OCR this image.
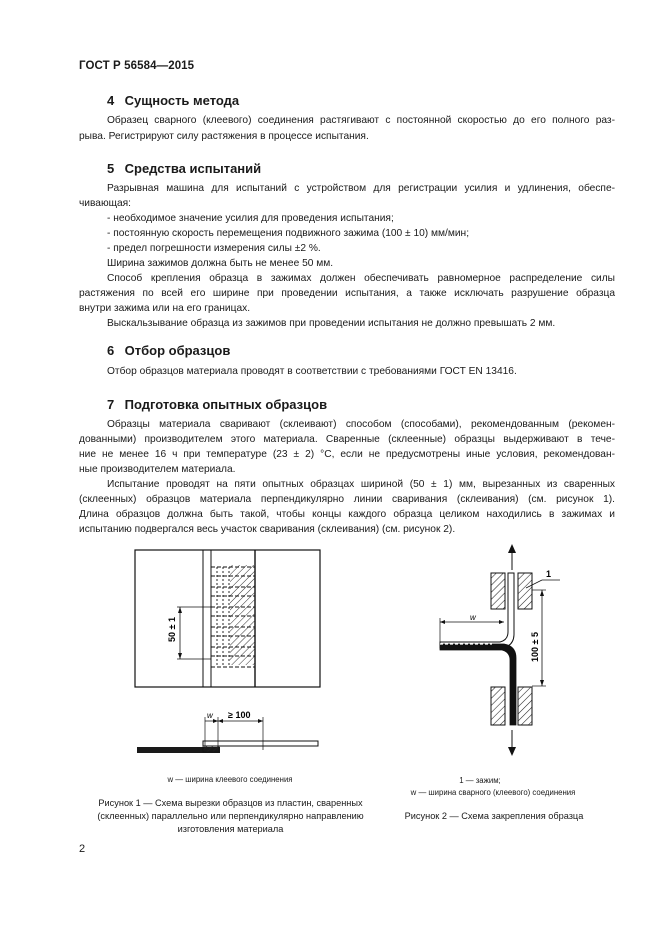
ГОСТ Р 56584—2015
4 Сущность метода
Образец сварного (клеевого) соединения растягивают с постоянной скоростью до его полного раз-
рыва. Регистрируют силу растяжения в процессе испытания.
5 Средства испытаний
Разрывная машина для испытаний с устройством для регистрации усилия и удлинения, обеспе-
чивающая:
- необходимое значение усилия для проведения испытания;
- постоянную скорость перемещения подвижного зажима (100 ± 10) мм/мин;
- предел погрешности измерения силы ±2 %.
Ширина зажимов должна быть не менее 50 мм.
Способ крепления образца в зажимах должен обеспечивать равномерное распределение силы
растяжения по всей его ширине при проведении испытания, а также исключать разрушение образца
внутри зажима или на его границах.
Выскальзывание образца из зажимов при проведении испытания не должно превышать 2 мм.
6 Отбор образцов
Отбор образцов материала проводят в соответствии с требованиями ГОСТ EN 13416.
7 Подготовка опытных образцов
Образцы материала сваривают (склеивают) способом (способами), рекомендованным (рекомен-
дованными) производителем этого материала. Сваренные (склеенные) образцы выдерживают в тече-
ние не менее 16 ч при температуре (23 ± 2) °С, если не предусмотрены иные условия, рекомендован-
ные производителем материала.
Испытание проводят на пяти опытных образцах шириной (50 ± 1) мм, вырезанных из сваренных
(склеенных) образцов материала перпендикулярно линии сваривания (склеивания) (см. рисунок 1).
Длина образцов должна быть такой, чтобы концы каждого образца целиком находились в зажимах и
испытанию подвергался весь участок сваривания (склеивания) (см. рисунок 2).
50 ± 1
w ≥ 100
w — ширина клеевого соединения
Рисунок 1 — Схема вырезки образцов из пластин, сваренных
(склеенных) параллельно или перпендикулярно направлению
изготовления материала
w
100 ± 5
1
1 — зажим;
w — ширина сварного (клеевого) соединения
Рисунок 2 — Схема закрепления образца
2
